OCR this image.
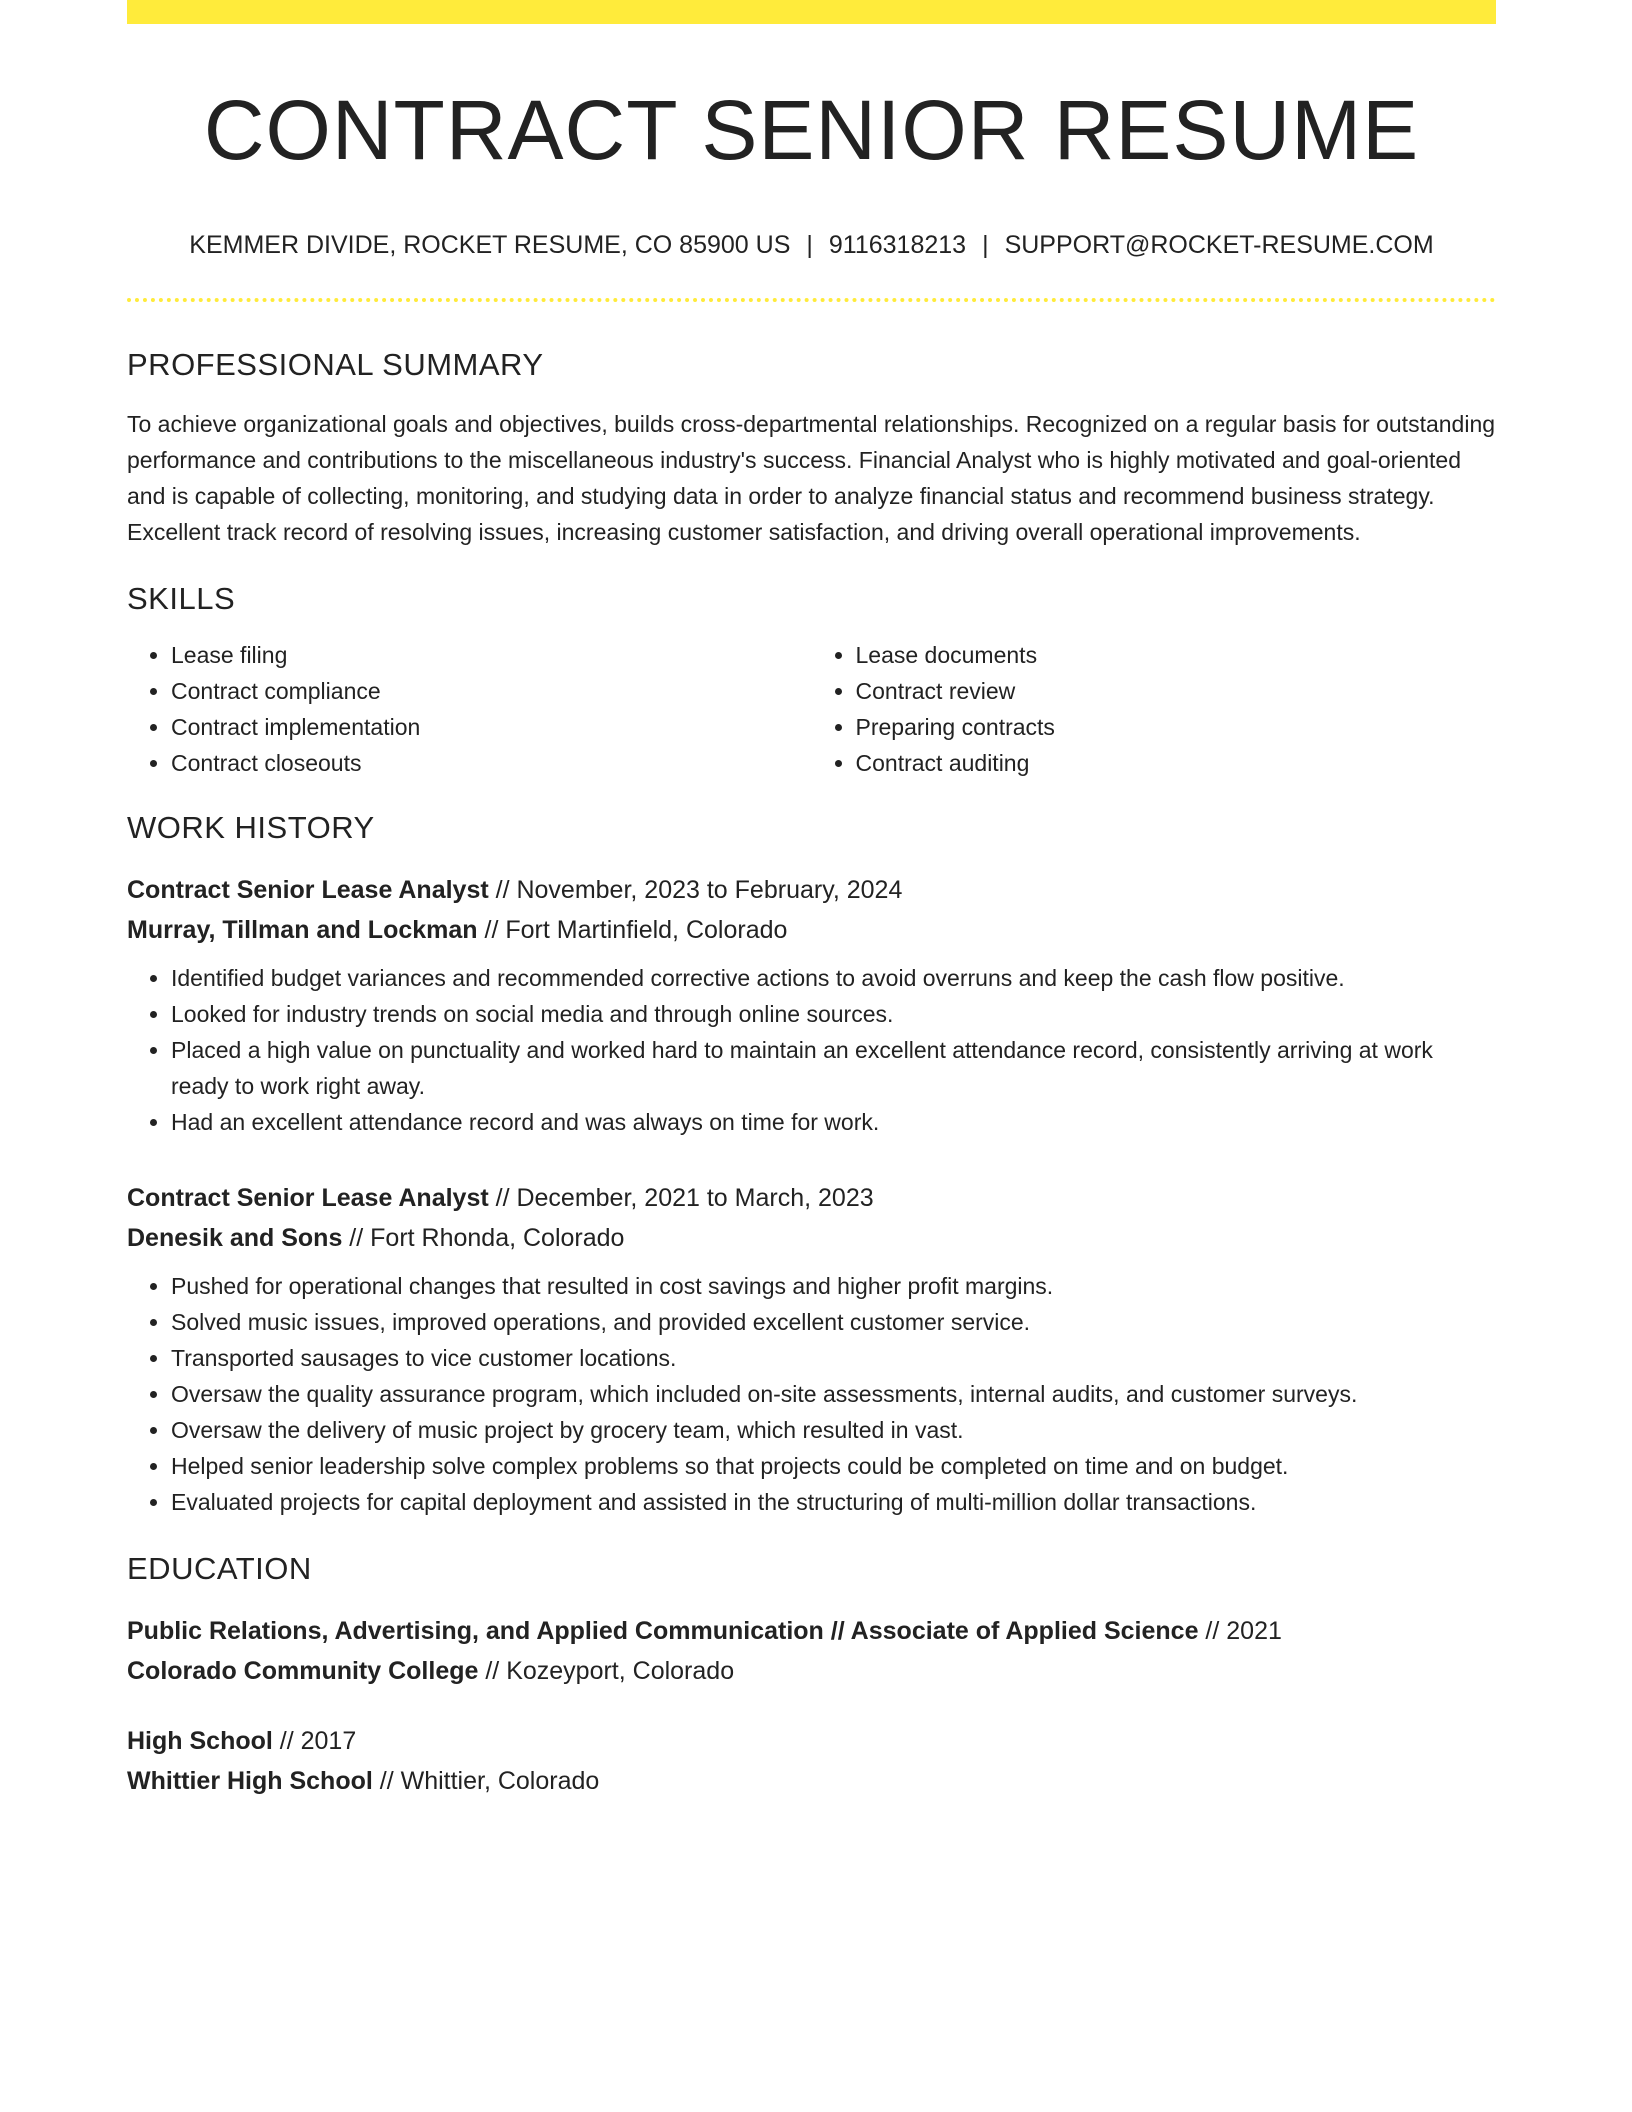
CONTRACT SENIOR RESUME
KEMMER DIVIDE, ROCKET RESUME, CO 85900 US | 9116318213 | SUPPORT@ROCKET-RESUME.COM
PROFESSIONAL SUMMARY
To achieve organizational goals and objectives, builds cross-departmental relationships. Recognized on a regular basis for outstanding performance and contributions to the miscellaneous industry's success. Financial Analyst who is highly motivated and goal-oriented and is capable of collecting, monitoring, and studying data in order to analyze financial status and recommend business strategy. Excellent track record of resolving issues, increasing customer satisfaction, and driving overall operational improvements.
SKILLS
• Lease filing
• Contract compliance
• Contract implementation
• Contract closeouts
• Lease documents
• Contract review
• Preparing contracts
• Contract auditing
WORK HISTORY
Contract Senior Lease Analyst // November, 2023 to February, 2024
Murray, Tillman and Lockman // Fort Martinfield, Colorado
• Identified budget variances and recommended corrective actions to avoid overruns and keep the cash flow positive.
• Looked for industry trends on social media and through online sources.
• Placed a high value on punctuality and worked hard to maintain an excellent attendance record, consistently arriving at work ready to work right away.
• Had an excellent attendance record and was always on time for work.
Contract Senior Lease Analyst // December, 2021 to March, 2023
Denesik and Sons // Fort Rhonda, Colorado
• Pushed for operational changes that resulted in cost savings and higher profit margins.
• Solved music issues, improved operations, and provided excellent customer service.
• Transported sausages to vice customer locations.
• Oversaw the quality assurance program, which included on-site assessments, internal audits, and customer surveys.
• Oversaw the delivery of music project by grocery team, which resulted in vast.
• Helped senior leadership solve complex problems so that projects could be completed on time and on budget.
• Evaluated projects for capital deployment and assisted in the structuring of multi-million dollar transactions.
EDUCATION
Public Relations, Advertising, and Applied Communication // Associate of Applied Science // 2021
Colorado Community College // Kozeyport, Colorado
High School // 2017
Whittier High School // Whittier, Colorado
